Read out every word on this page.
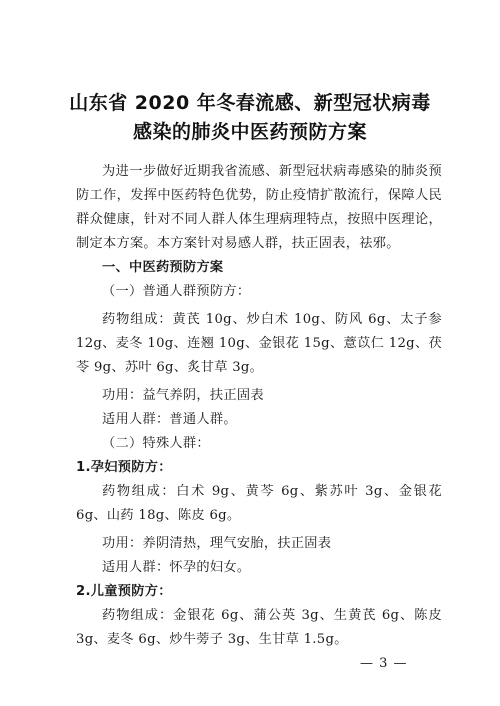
山东省 2020 年冬春流感、新型冠状病毒
感染的肺炎中医药预防方案

为进一步做好近期我省流感、新型冠状病毒感染的肺炎预防工作，发挥中医药特色优势，防止疫情扩散流行，保障人民群众健康，针对不同人群人体生理病理特点，按照中医理论，制定本方案。本方案针对易感人群，扶正固表，祛邪。

一、中医药预防方案

（一）普通人群预防方：

药物组成：黄芪 10g、炒白术 10g、防风 6g、太子参 12g、麦冬 10g、连翘 10g、金银花 15g、薏苡仁 12g、茯苓 9g、苏叶 6g、炙甘草 3g。

功用：益气养阴，扶正固表

适用人群：普通人群。

（二）特殊人群：

1.孕妇预防方：

药物组成：白术 9g、黄芩 6g、紫苏叶 3g、金银花 6g、山药 18g、陈皮 6g。

功用：养阴清热，理气安胎，扶正固表

适用人群：怀孕的妇女。

2.儿童预防方：

药物组成：金银花 6g、蒲公英 3g、生黄芪 6g、陈皮 3g、麦冬 6g、炒牛蒡子 3g、生甘草 1.5g。

— 3 —
